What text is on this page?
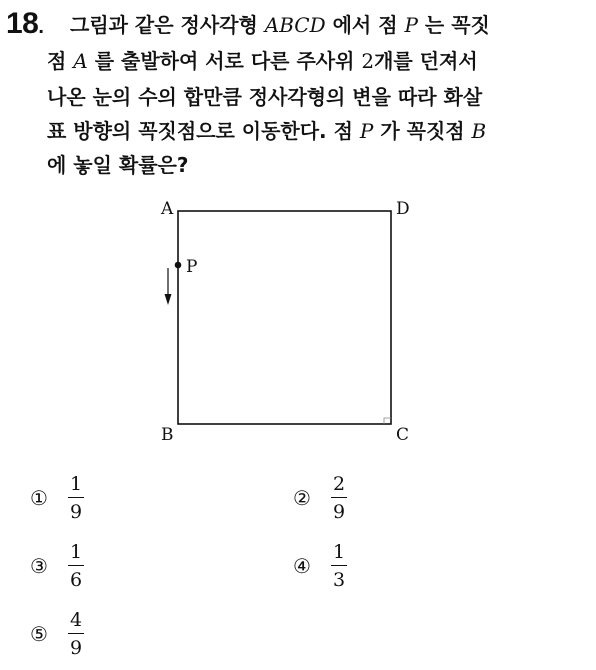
18. 그림과 같은 정사각형 ABCD 에서 점 P 는 꼭짓
점 A 를 출발하여 서로 다른 주사위 2개를 던져서
나온 눈의 수의 합만큼 정사각형의 변을 따라 화살
표 방향의 꼭짓점으로 이동한다. 점 P 가 꼭짓점 B
에 놓일 확률은?
A	D
B	C
P
①
1
9
②
2
9
③
1
6
④
1
3
⑤
4
9
